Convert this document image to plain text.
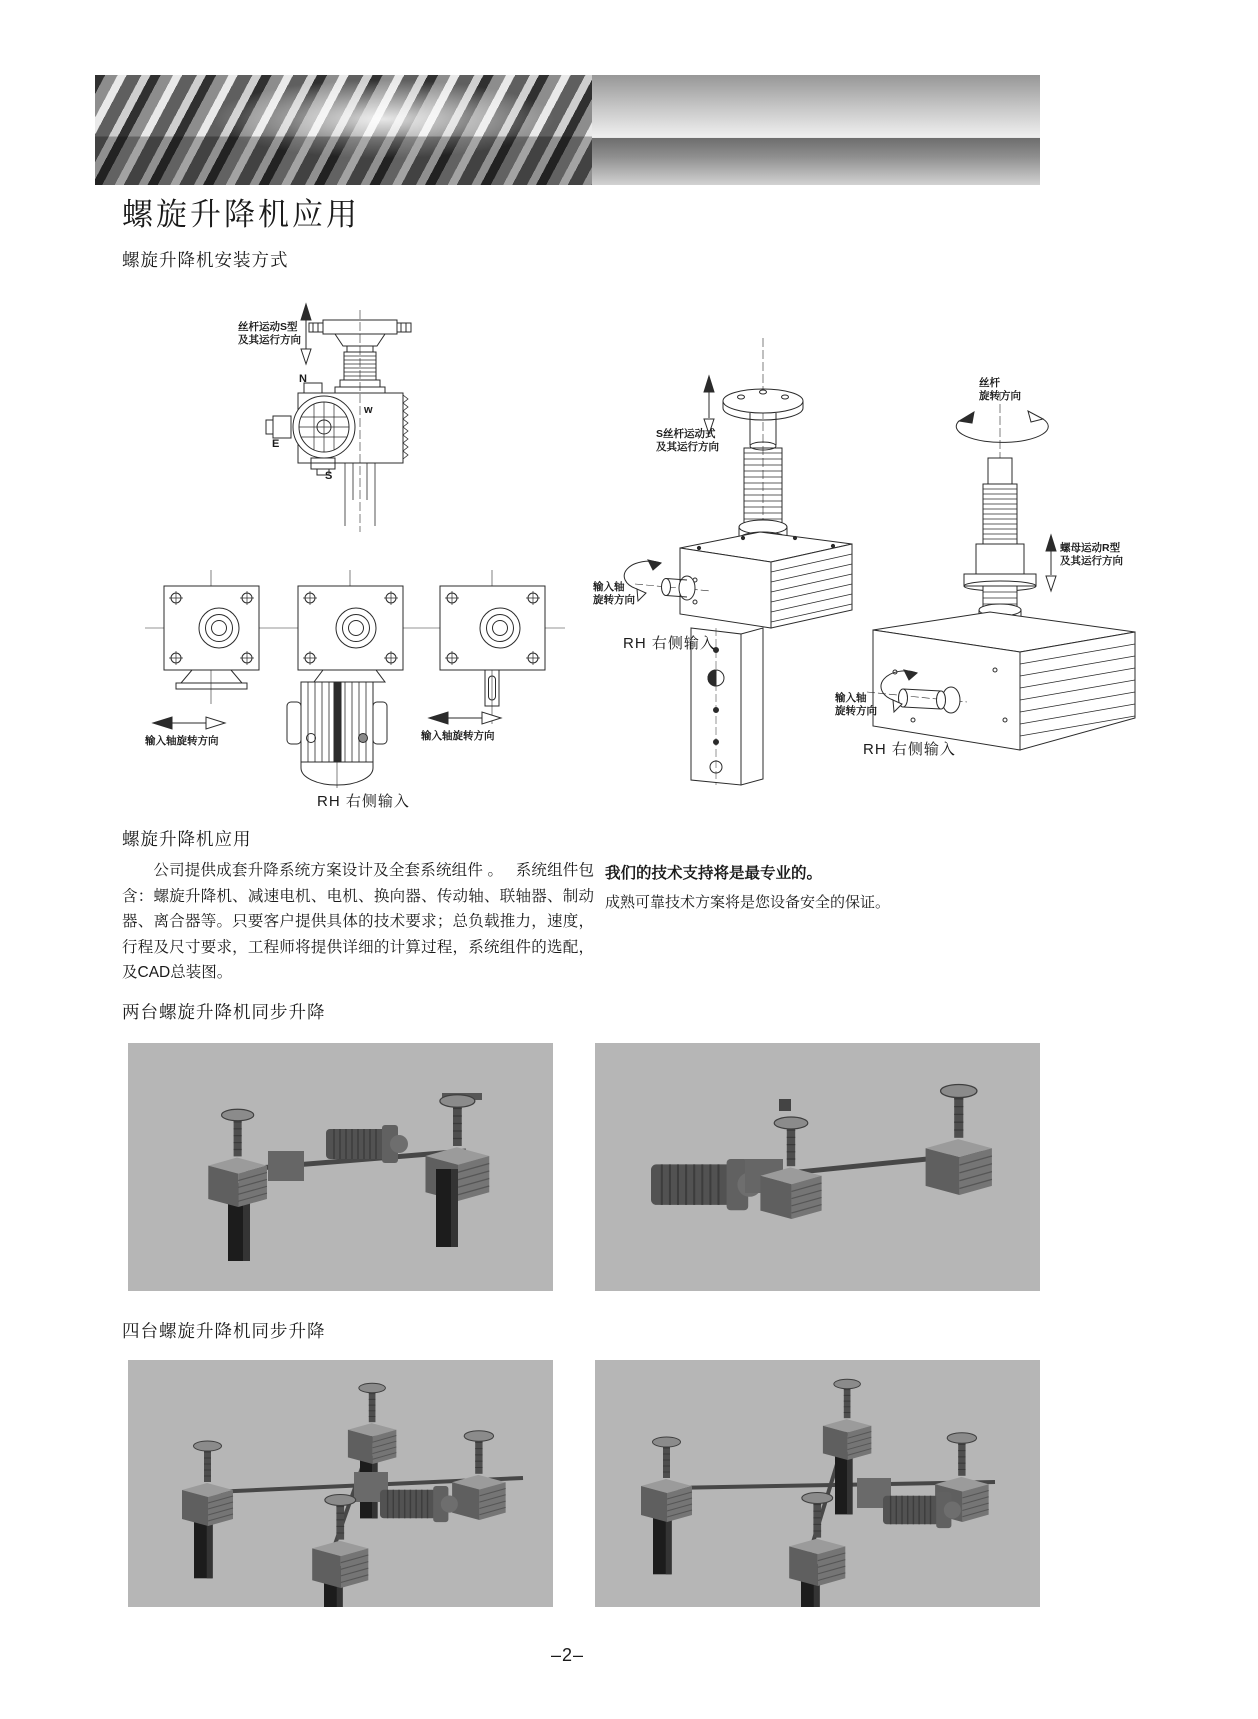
螺旋升降机应用
螺旋升降机安装方式
丝杆运动S型
及其运行方向
N
w
E
S
输入轴旋转方向	输入轴旋转方向
RH 右侧输入
S丝杆运动式
及其运行方向
输入轴
旋转方向
RH 右侧输入
丝杆
旋转方向
螺母运动R型
及其运行方向
输入轴
旋转方向
RH 右侧输入
螺旋升降机应用
　　公司提供成套升降系统方案设计及全套系统组件 。　 系统组件包含：螺旋升降机、减速电机、电机、换向器、传动轴、联轴器、制动器、离合器等。只要客户提供具体的技术要求；总负载推力，速度，行程及尺寸要求，工程师将提供详细的计算过程，系统组件的选配，及CAD总装图。
我们的技术支持将是最专业的。
成熟可靠技术方案将是您设备安全的保证。
两台螺旋升降机同步升降
四台螺旋升降机同步升降
–2–
